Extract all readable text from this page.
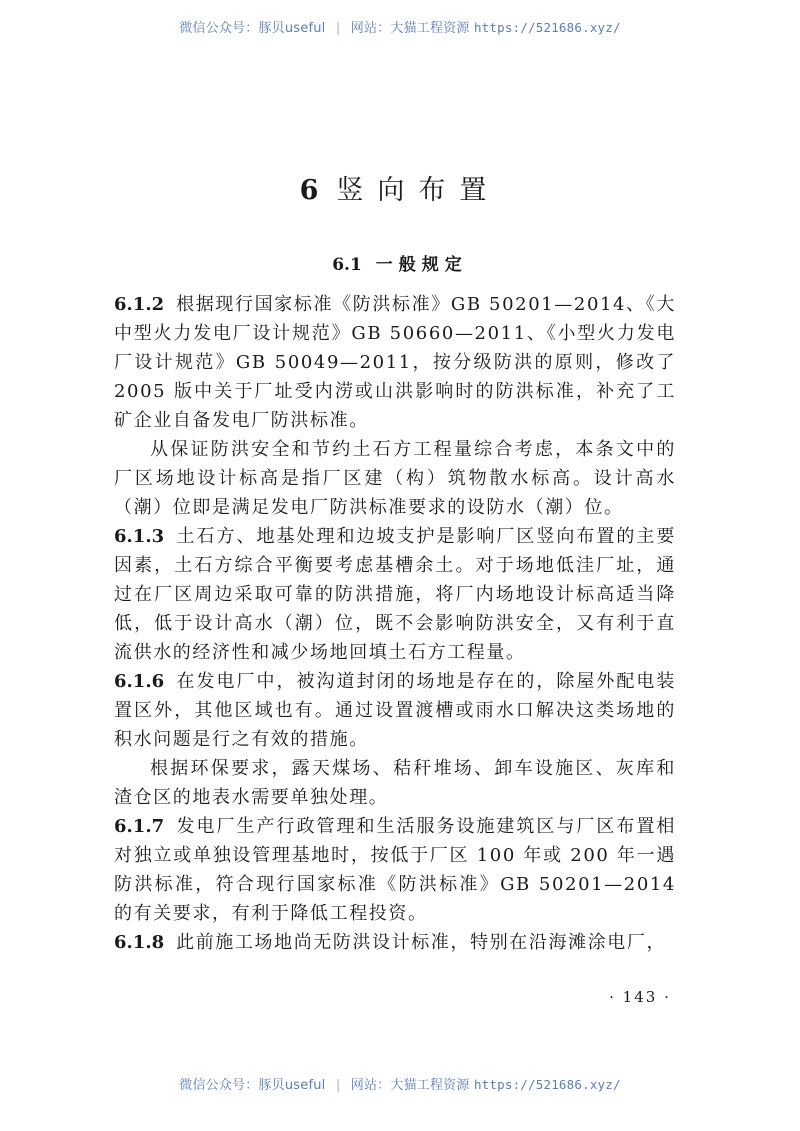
微信公众号：豚贝useful | 网站：大猫工程资源 https://521686.xyz/
6 竖向布置
6.1 一般规定

6.1.2 根据现行国家标准《防洪标准》GB 50201—2014、《大中型火力发电厂设计规范》GB 50660—2011、《小型火力发电厂设计规范》GB 50049—2011，按分级防洪的原则，修改了 2005 版中关于厂址受内涝或山洪影响时的防洪标准，补充了工矿企业自备发电厂防洪标准。

从保证防洪安全和节约土石方工程量综合考虑，本条文中的厂区场地设计标高是指厂区建（构）筑物散水标高。设计高水（潮）位即是满足发电厂防洪标准要求的设防水（潮）位。

6.1.3 土石方、地基处理和边坡支护是影响厂区竖向布置的主要因素，土石方综合平衡要考虑基槽余土。对于场地低洼厂址，通过在厂区周边采取可靠的防洪措施，将厂内场地设计标高适当降低，低于设计高水（潮）位，既不会影响防洪安全，又有利于直流供水的经济性和减少场地回填土石方工程量。

6.1.6 在发电厂中，被沟道封闭的场地是存在的，除屋外配电装置区外，其他区域也有。通过设置渡槽或雨水口解决这类场地的积水问题是行之有效的措施。

根据环保要求，露天煤场、秸秆堆场、卸车设施区、灰库和渣仓区的地表水需要单独处理。

6.1.7 发电厂生产行政管理和生活服务设施建筑区与厂区布置相对独立或单独设管理基地时，按低于厂区 100 年或 200 年一遇防洪标准，符合现行国家标准《防洪标准》GB 50201—2014 的有关要求，有利于降低工程投资。

6.1.8 此前施工场地尚无防洪设计标准，特别在沿海滩涂电厂，

· 143 ·
微信公众号：豚贝useful | 网站：大猫工程资源 https://521686.xyz/
